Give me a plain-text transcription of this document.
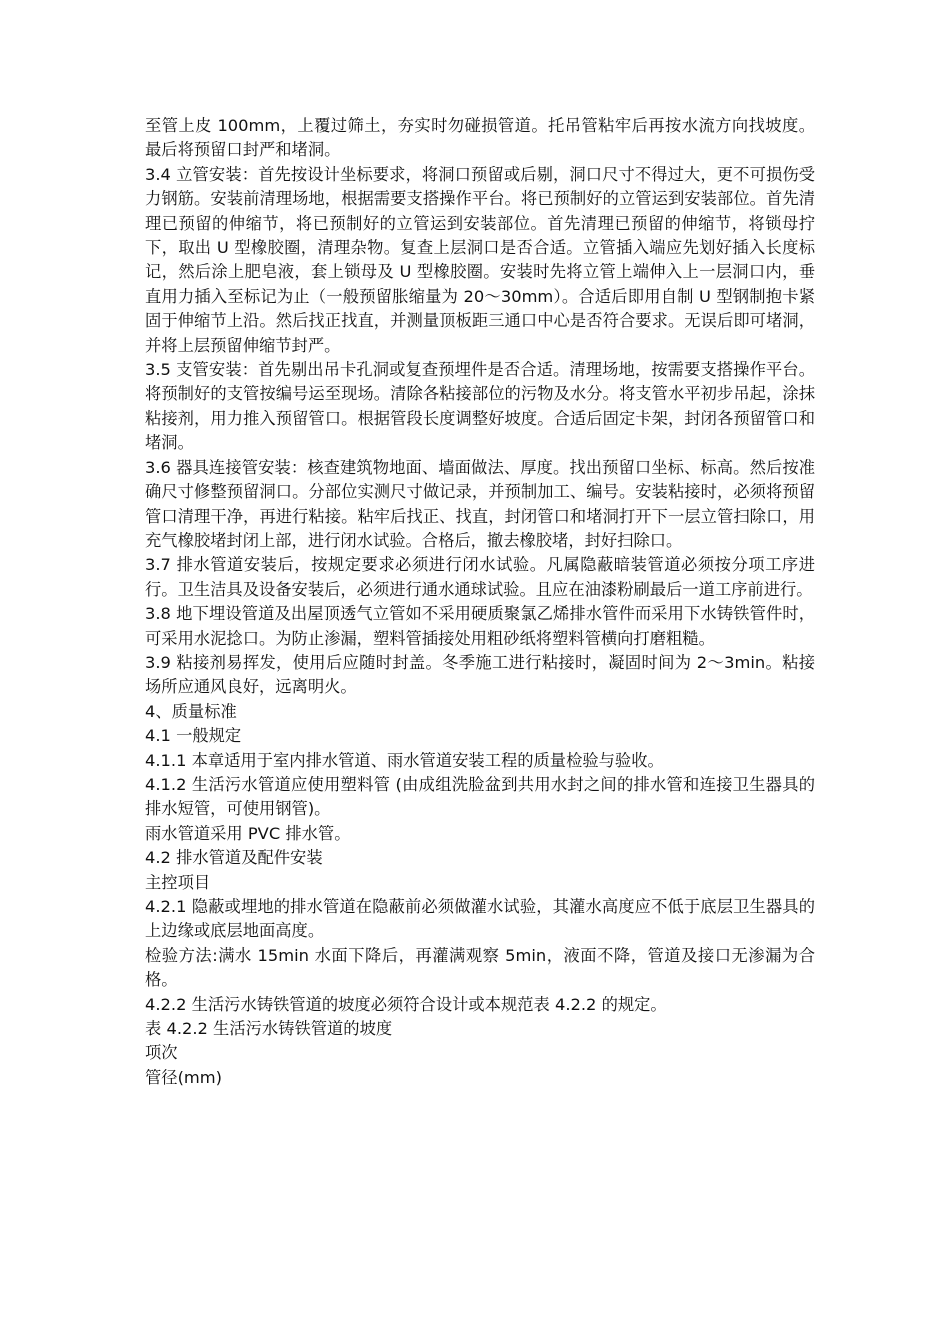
至管上皮 100mm，上覆过筛土，夯实时勿碰损管道。托吊管粘牢后再按水流方向找坡度。最后将预留口封严和堵洞。

3.4 立管安装：首先按设计坐标要求，将洞口预留或后剔，洞口尺寸不得过大，更不可损伤受力钢筋。安装前清理场地，根据需要支搭操作平台。将已预制好的立管运到安装部位。首先清理已预留的伸缩节，将已预制好的立管运到安装部位。首先清理已预留的伸缩节，将锁母拧下，取出 U 型橡胶圈，清理杂物。复查上层洞口是否合适。立管插入端应先划好插入长度标记，然后涂上肥皂液，套上锁母及 U 型橡胶圈。安装时先将立管上端伸入上一层洞口内，垂直用力插入至标记为止（一般预留胀缩量为 20～30mm）。合适后即用自制 U 型钢制抱卡紧固于伸缩节上沿。然后找正找直，并测量顶板距三通口中心是否符合要求。无误后即可堵洞，并将上层预留伸缩节封严。

3.5 支管安装：首先剔出吊卡孔洞或复查预埋件是否合适。清理场地，按需要支搭操作平台。将预制好的支管按编号运至现场。清除各粘接部位的污物及水分。将支管水平初步吊起，涂抹粘接剂，用力推入预留管口。根据管段长度调整好坡度。合适后固定卡架，封闭各预留管口和堵洞。

3.6 器具连接管安装：核查建筑物地面、墙面做法、厚度。找出预留口坐标、标高。然后按准确尺寸修整预留洞口。分部位实测尺寸做记录，并预制加工、编号。安装粘接时，必须将预留管口清理干净，再进行粘接。粘牢后找正、找直，封闭管口和堵洞打开下一层立管扫除口，用充气橡胶堵封闭上部，进行闭水试验。合格后，撤去橡胶堵，封好扫除口。

3.7 排水管道安装后，按规定要求必须进行闭水试验。凡属隐蔽暗装管道必须按分项工序进行。卫生洁具及设备安装后，必须进行通水通球试验。且应在油漆粉刷最后一道工序前进行。

3.8 地下埋设管道及出屋顶透气立管如不采用硬质聚氯乙烯排水管件而采用下水铸铁管件时，可采用水泥捻口。为防止渗漏，塑料管插接处用粗砂纸将塑料管横向打磨粗糙。

3.9 粘接剂易挥发，使用后应随时封盖。冬季施工进行粘接时，凝固时间为 2～3min。粘接场所应通风良好，远离明火。

4、质量标准

4.1 一般规定

4.1.1 本章适用于室内排水管道、雨水管道安装工程的质量检验与验收。

4.1.2 生活污水管道应使用塑料管 (由成组洗脸盆到共用水封之间的排水管和连接卫生器具的排水短管，可使用钢管)。

雨水管道采用 PVC 排水管。

4.2 排水管道及配件安装

主控项目

4.2.1 隐蔽或埋地的排水管道在隐蔽前必须做灌水试验，其灌水高度应不低于底层卫生器具的上边缘或底层地面高度。

检验方法:满水 15min 水面下降后，再灌满观察 5min，液面不降，管道及接口无渗漏为合格。

4.2.2 生活污水铸铁管道的坡度必须符合设计或本规范表 4.2.2 的规定。

表 4.2.2 生活污水铸铁管道的坡度

项次

管径(mm)
